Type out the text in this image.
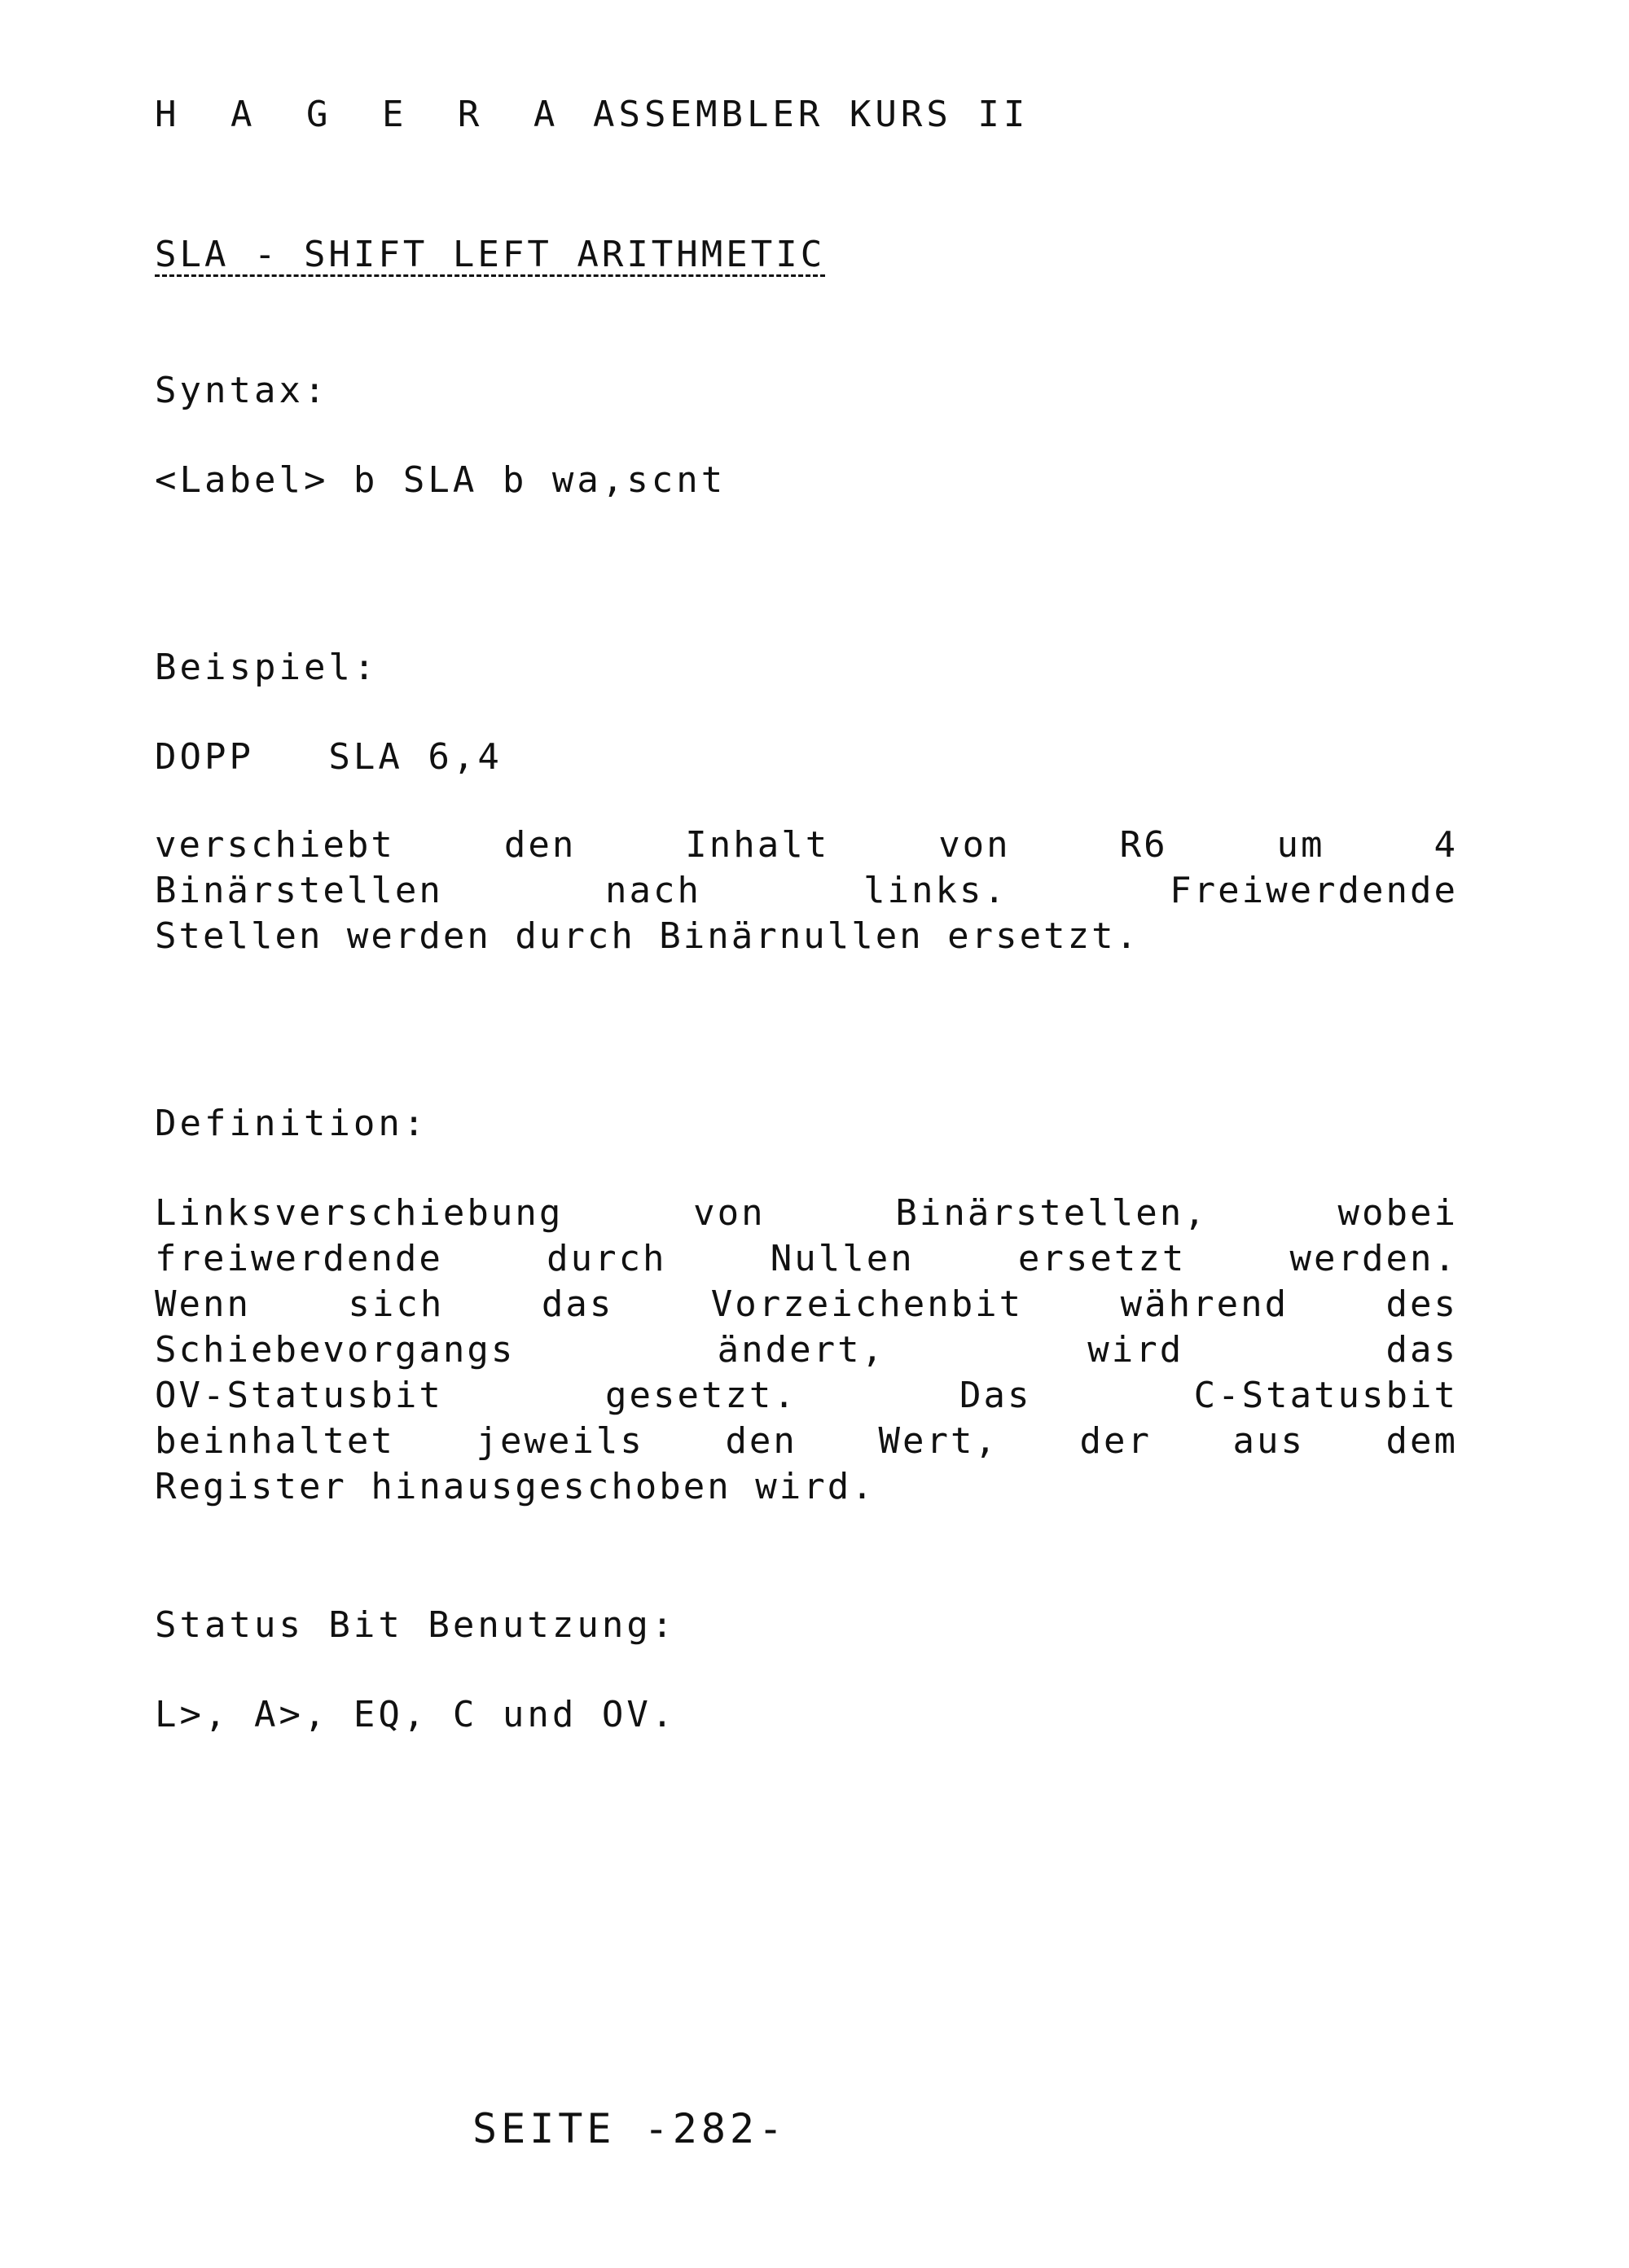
H A G E R A ASSEMBLER KURS II

SLA - SHIFT LEFT ARITHMETIC

Syntax:

<Label> b SLA b wa,scnt

Beispiel:

DOPP   SLA 6,4

verschiebt den Inhalt von R6 um 4
Binärstellen nach links. Freiwerdende
Stellen werden durch Binärnullen ersetzt.

Definition:

Linksverschiebung von Binärstellen, wobei
freiwerdende durch Nullen ersetzt werden.
Wenn sich das Vorzeichenbit während des
Schiebevorgangs ändert, wird das
OV-Statusbit gesetzt. Das C-Statusbit
beinhaltet jeweils den Wert, der aus dem
Register hinausgeschoben wird.

Status Bit Benutzung:

L>, A>, EQ, C und OV.

SEITE -282-
